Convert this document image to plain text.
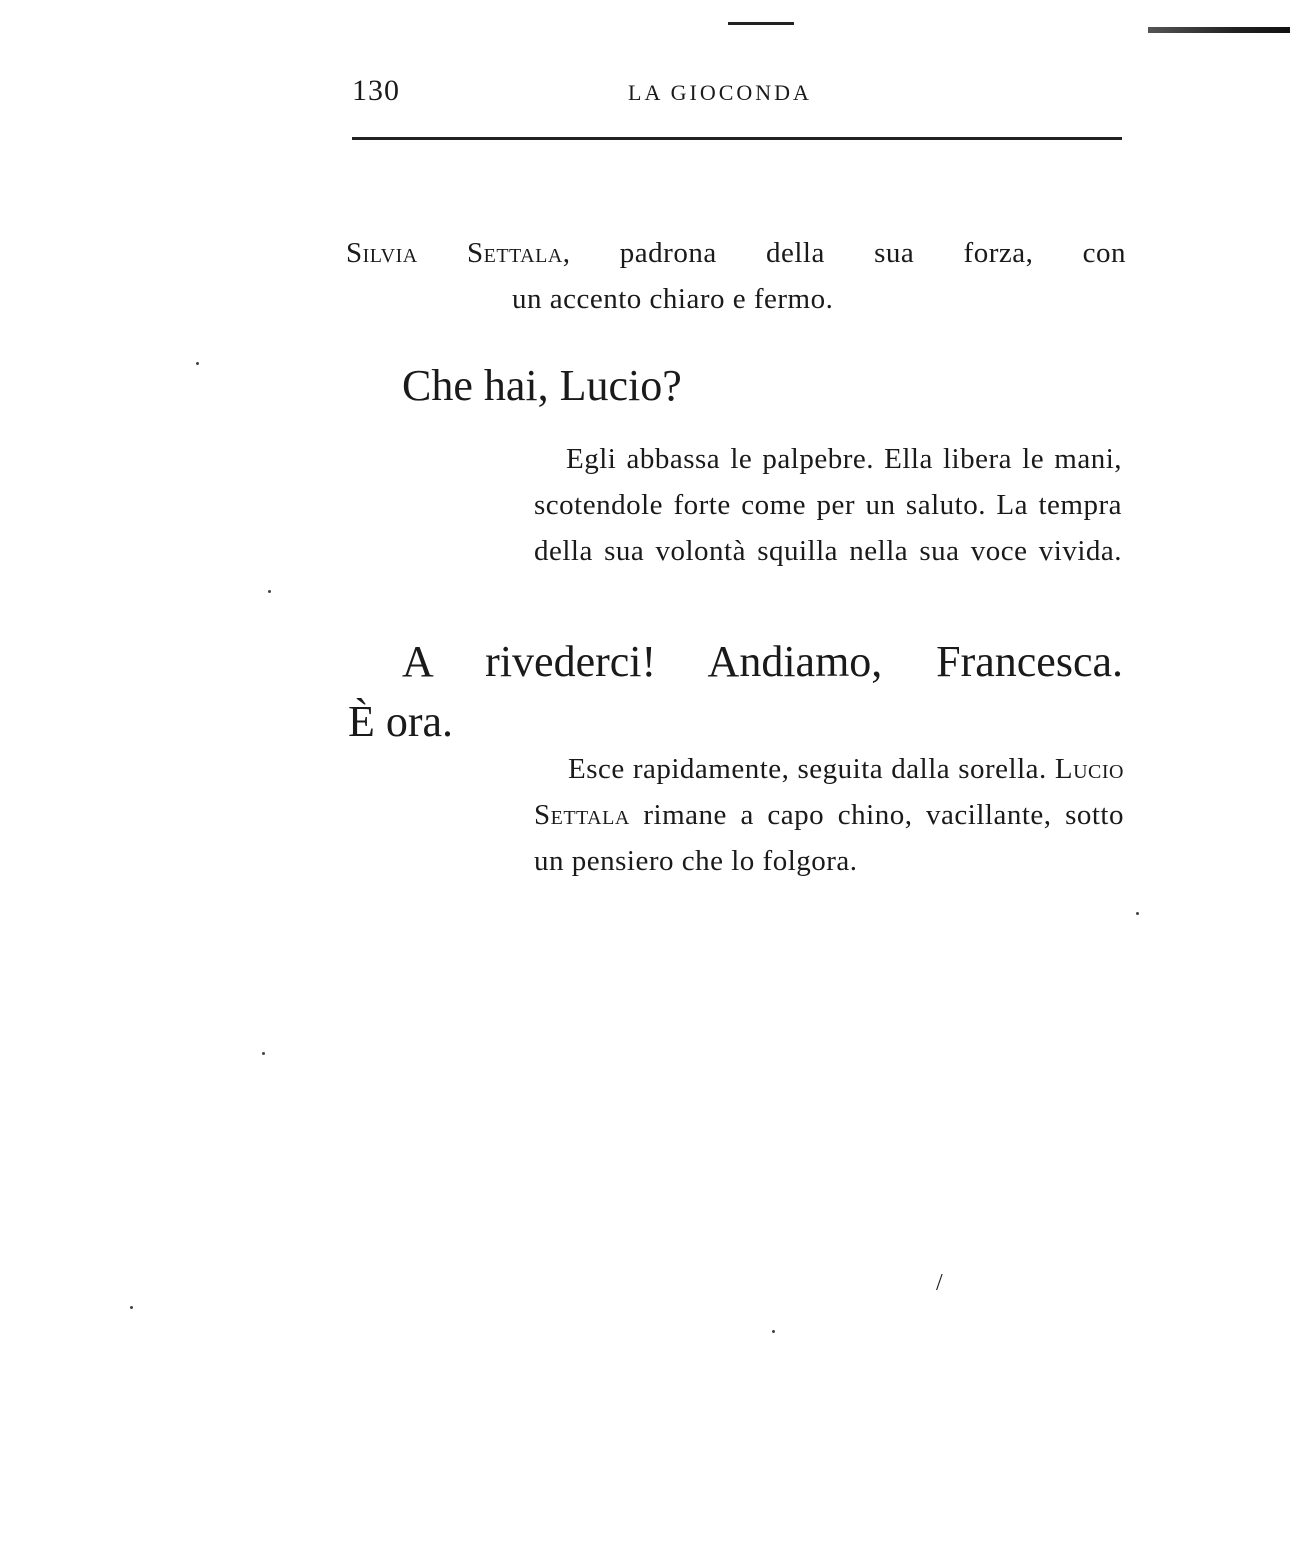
130	LA GIOCONDA
Silvia Settala, padrona della sua forza, con
un accento chiaro e fermo.
Che hai, Lucio?

Egli abbassa le palpebre. Ella libera le mani, scotendole forte come per un saluto. La tempra della sua volontà squilla nella sua voce vivida.

A rivederci! Andiamo, Francesca.
È ora.

Esce rapidamente, seguita dalla sorella. Lucio Settala rimane a capo chino, vacillante, sotto un pensiero che lo folgora.

/
